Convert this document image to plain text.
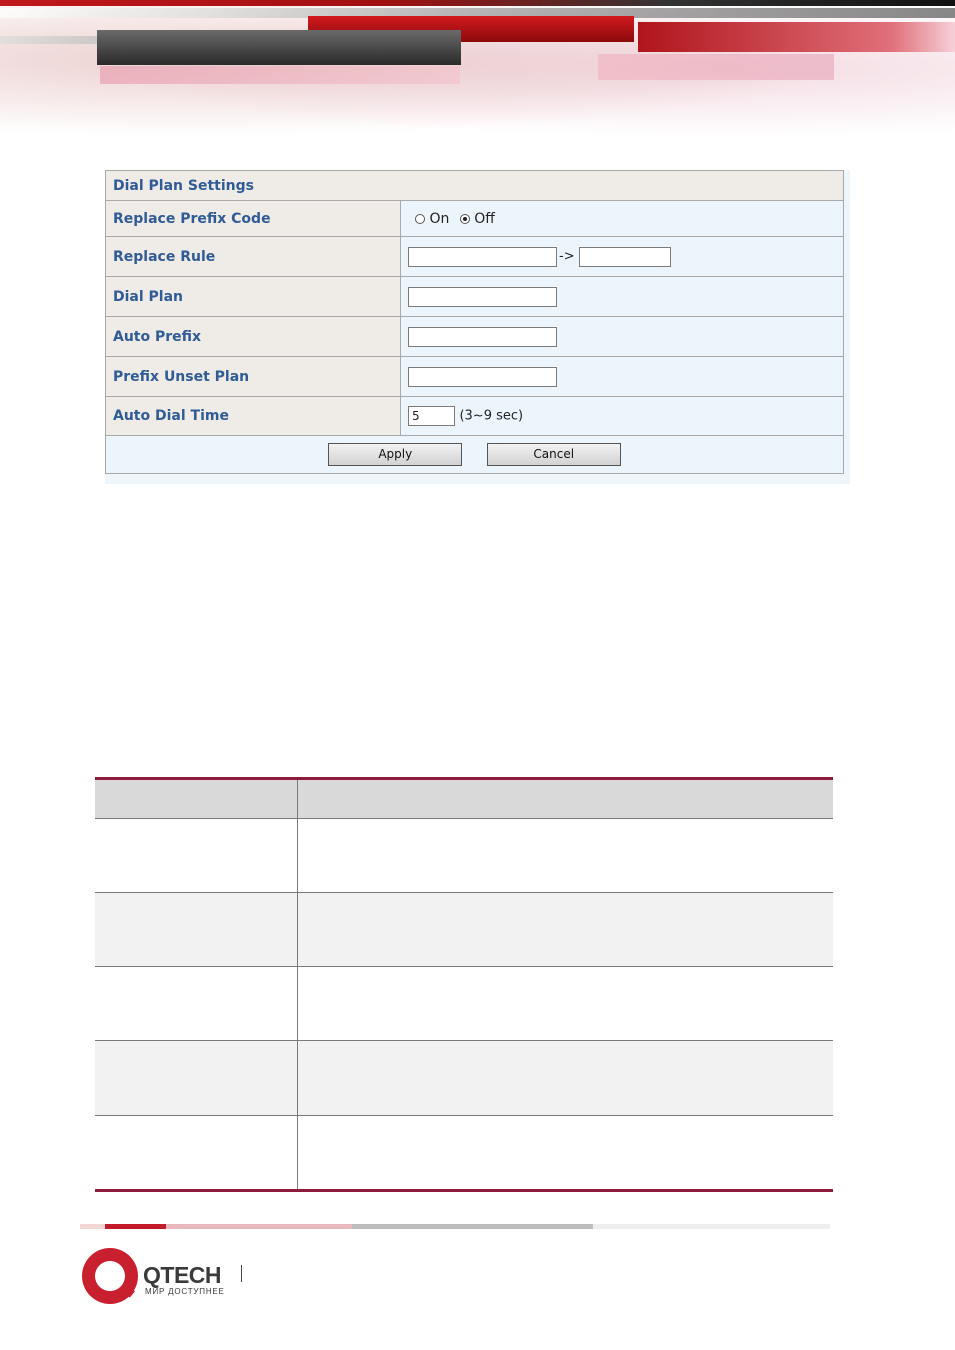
Dial Plan Settings	
Replace Prefix Code	On Off
Replace Rule	->
Dial Plan	
Auto Prefix	
Prefix Unset Plan	
Auto Dial Time	5 (3~9 sec)
Apply Cancel	
QTECH
МИР ДОСТУПНЕЕ
